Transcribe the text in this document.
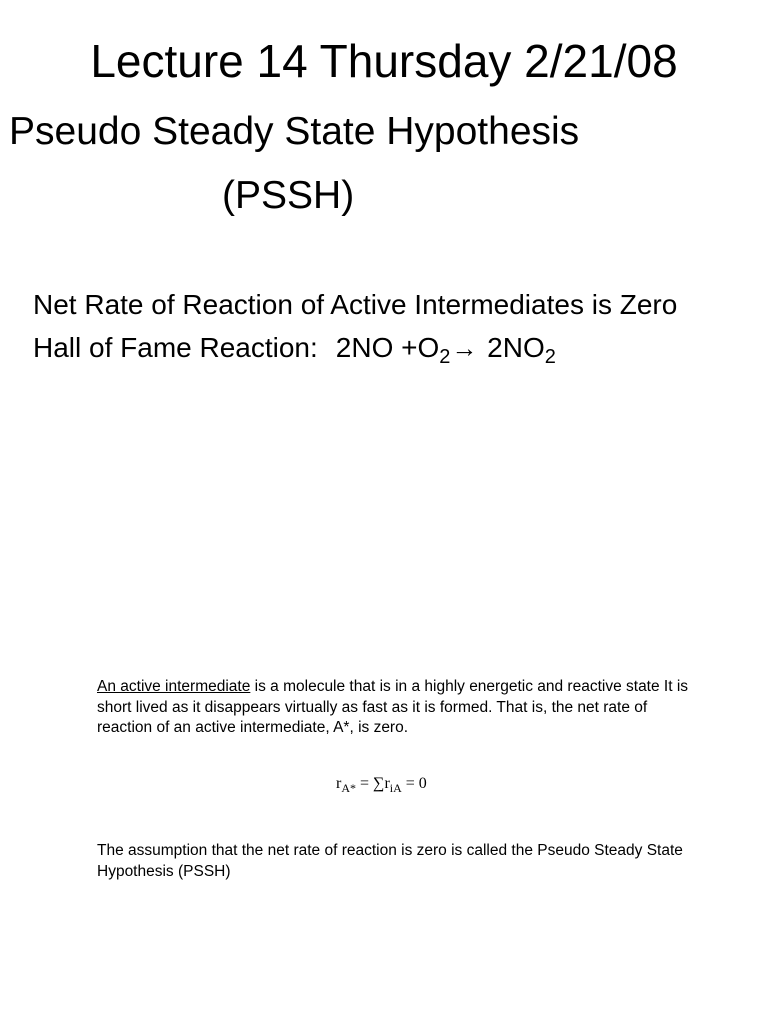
Lecture 14 Thursday 2/21/08
Pseudo Steady State Hypothesis
(PSSH)
Net Rate of Reaction of Active Intermediates is Zero
Hall of Fame Reaction: $2NO +O_2\to 2NO_2$
An active intermediate is a molecule that is in a highly energetic and reactive state It is short lived as it disappears virtually as fast as it is formed. That is, the net rate of reaction of an active intermediate, A*, is zero.
$r_{A*} = \sum r_{iA} = 0$
The assumption that the net rate of reaction is zero is called the Pseudo Steady State Hypothesis (PSSH)
